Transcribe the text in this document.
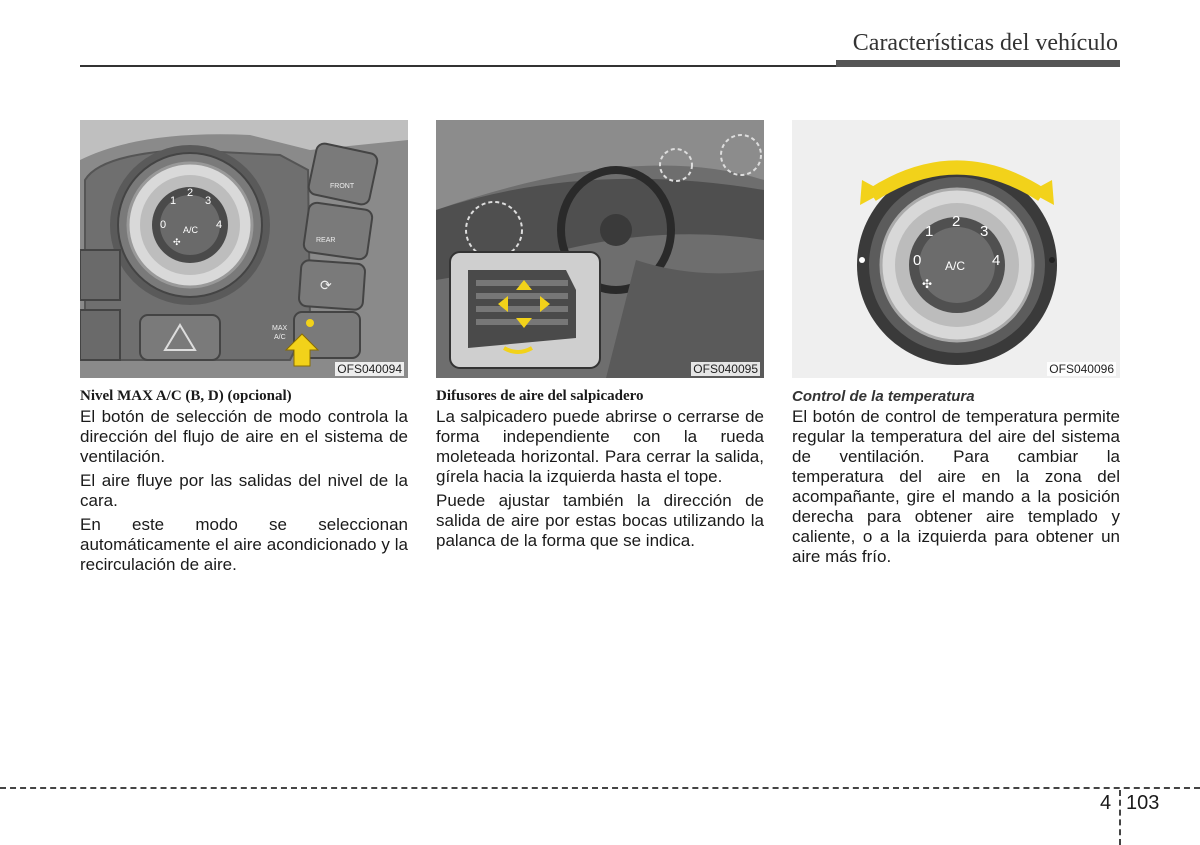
Características del vehículo
0
1
2
3
4
A/C
✣
FRONT
REAR
⟳
MAX
A/C
OFS040094
Nivel MAX A/C (B, D) (opcional)

El botón de selección de modo controla la dirección del flujo de aire en el sistema de ventilación.

El aire fluye por las salidas del nivel de la cara.

En este modo se seleccionan automáticamente el aire acondicionado y la recirculación de aire.

OFS040095
Difusores de aire del salpicadero

La salpicadero puede abrirse o cerrarse de forma independiente con la rueda moleteada horizontal. Para cerrar la salida, gírela hacia la izquierda hasta el tope.

Puede ajustar también la dirección de salida de aire por estas bocas utilizando la palanca de la forma que se indica.

0
1
2
3
4
A/C
✣
OFS040096
Control de la temperatura

El botón de control de temperatura permite regular la temperatura del aire del sistema de ventilación. Para cambiar la temperatura del aire en la zona del acompañante, gire el mando a la posición derecha para obtener aire templado y caliente, o a la izquierda para obtener un aire más frío.

4 103
